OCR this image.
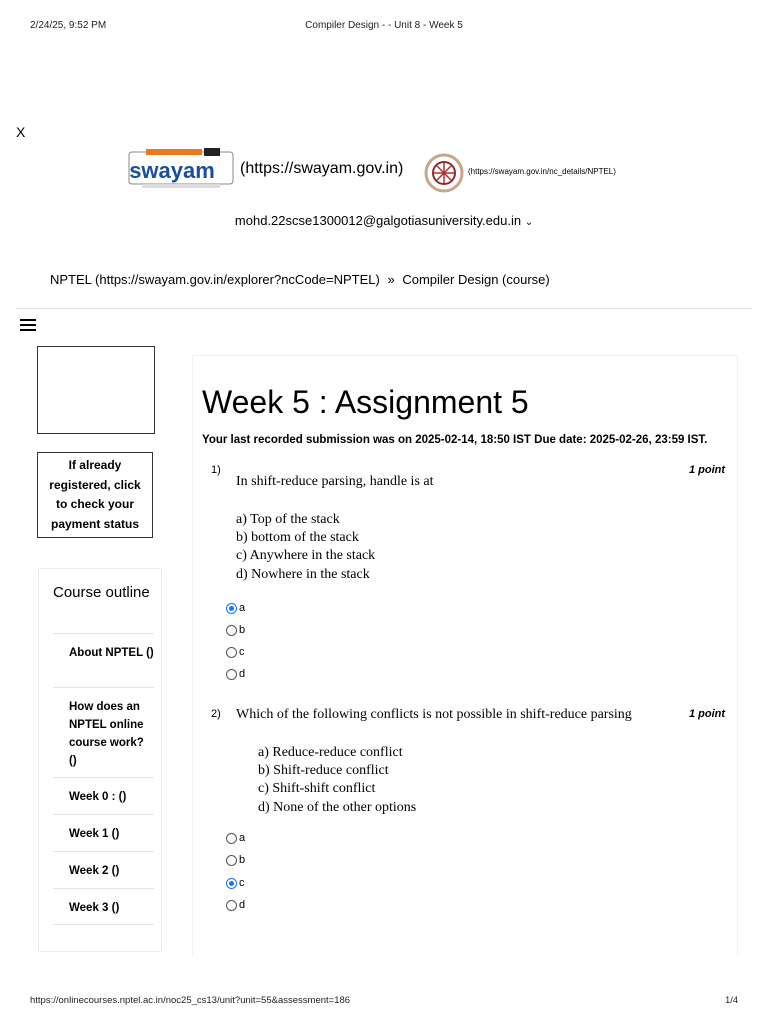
2/24/25, 9:52 PM	Compiler Design - - Unit 8 - Week 5
X
swayam (https://swayam.gov.in)	(https://swayam.gov.in/nc_details/NPTEL)
mohd.22scse1300012@galgotiasuniversity.edu.in ⌄
NPTEL (https://swayam.gov.in/explorer?ncCode=NPTEL) » Compiler Design (course)
If already registered, click to check your payment status
Course outline
About NPTEL ()
How does an NPTEL online course work? ()
Week 0 : ()
Week 1 ()
Week 2 ()
Week 3 ()
Week 5 : Assignment 5
Your last recorded submission was on 2025-02-14, 18:50 IST Due date: 2025-02-26, 23:59 IST.
1)	1 point
In shift-reduce parsing, handle is at
a) Top of the stack
b) bottom of the stack
c) Anywhere in the stack
d) Nowhere in the stack
a
b
c
d
2)	1 point
Which of the following conflicts is not possible in shift-reduce parsing
a) Reduce-reduce conflict
b) Shift-reduce conflict
c) Shift-shift conflict
d) None of the other options
a
b
c
d
https://onlinecourses.nptel.ac.in/noc25_cs13/unit?unit=55&assessment=186	1/4
